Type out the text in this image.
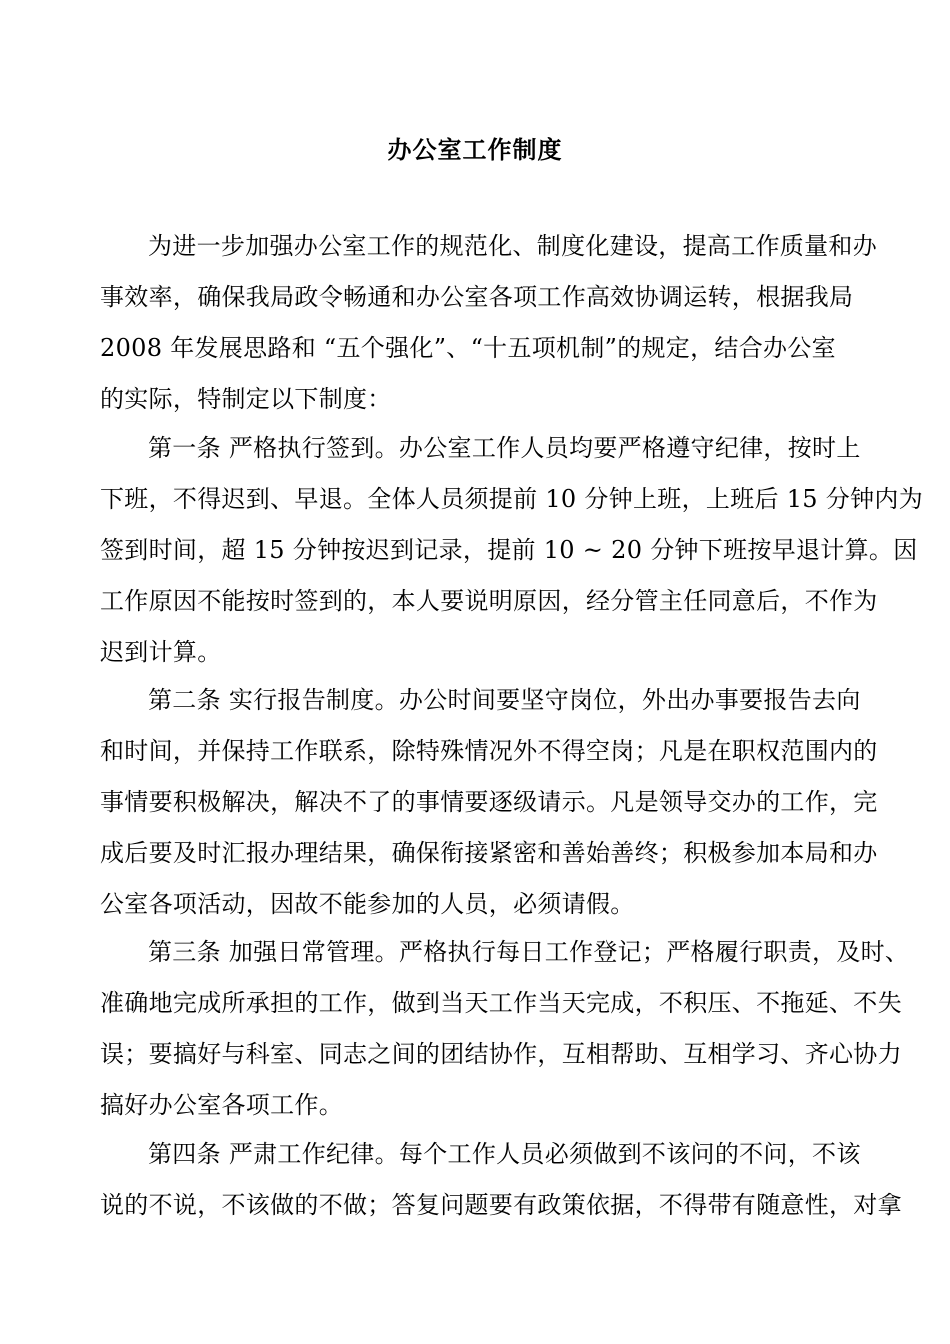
办公室工作制度
为进一步加强办公室工作的规范化、制度化建设，提高工作质量和办
事效率，确保我局政令畅通和办公室各项工作高效协调运转，根据我局
2008 年发展思路和 “五个强化”、“十五项机制”的规定，结合办公室
的实际，特制定以下制度：
第一条 严格执行签到。办公室工作人员均要严格遵守纪律，按时上
下班，不得迟到、早退。全体人员须提前 10 分钟上班，上班后 15 分钟内为
签到时间，超 15 分钟按迟到记录，提前 10 ~ 20 分钟下班按早退计算。因
工作原因不能按时签到的，本人要说明原因，经分管主任同意后，不作为
迟到计算。
第二条 实行报告制度。办公时间要坚守岗位，外出办事要报告去向
和时间，并保持工作联系，除特殊情况外不得空岗；凡是在职权范围内的
事情要积极解决，解决不了的事情要逐级请示。凡是领导交办的工作，完
成后要及时汇报办理结果，确保衔接紧密和善始善终；积极参加本局和办
公室各项活动，因故不能参加的人员，必须请假。
第三条 加强日常管理。严格执行每日工作登记；严格履行职责，及时、
准确地完成所承担的工作，做到当天工作当天完成，不积压、不拖延、不失
误；要搞好与科室、同志之间的团结协作，互相帮助、互相学习、齐心协力
搞好办公室各项工作。
第四条 严肃工作纪律。每个工作人员必须做到不该问的不问，不该
说的不说，不该做的不做；答复问题要有政策依据，不得带有随意性，对拿
